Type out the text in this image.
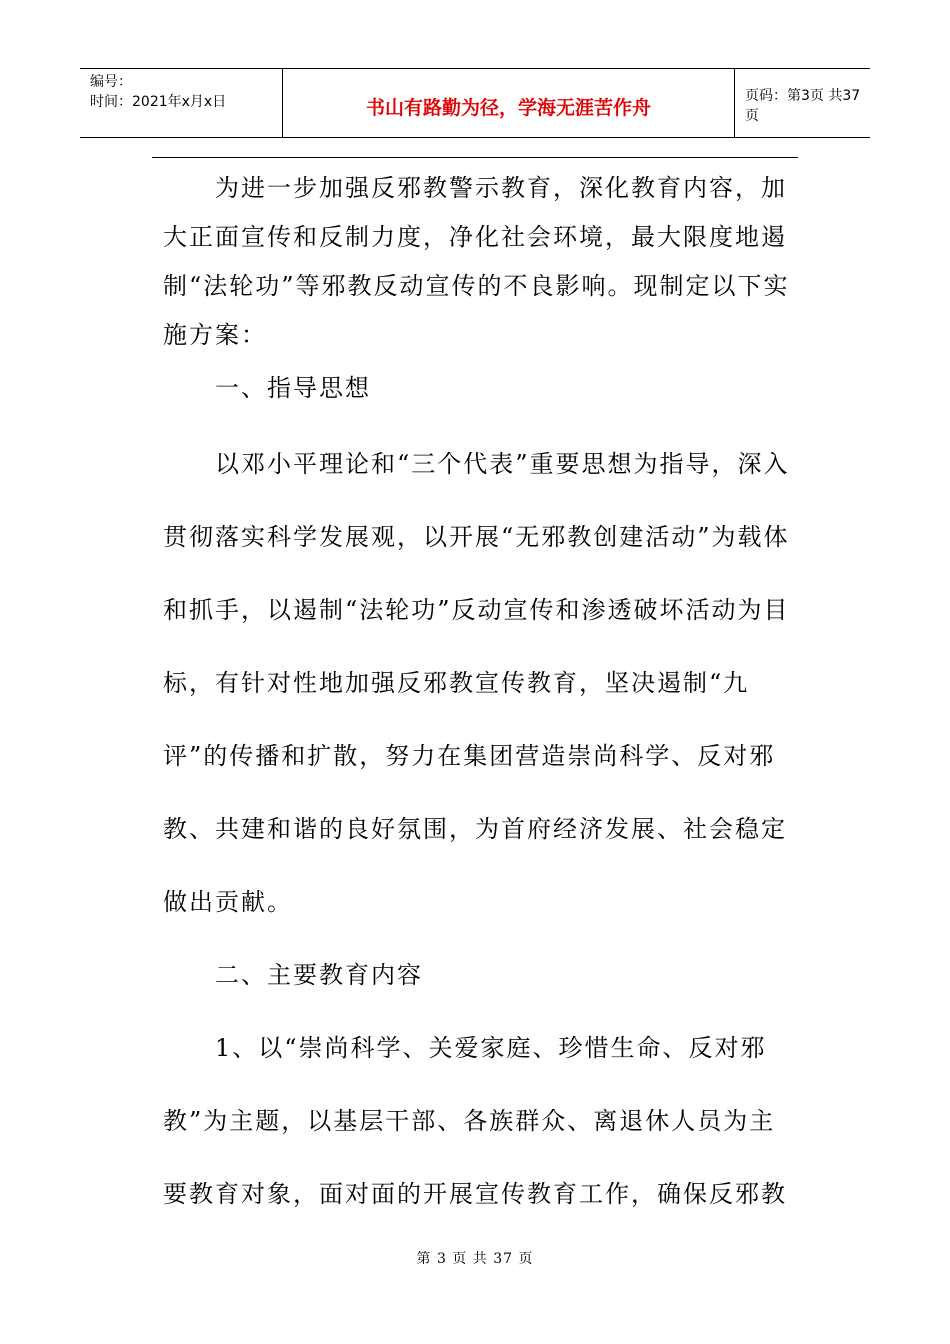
编号：
时间：2021年x月x日	书山有路勤为径，学海无涯苦作舟
页码：第3页 共37页

为进一步加强反邪教警示教育，深化教育内容，加大正面宣传和反制力度，净化社会环境，最大限度地遏制“法轮功”等邪教反动宣传的不良影响。现制定以下实施方案：

一、指导思想

以邓小平理论和“三个代表”重要思想为指导，深入贯彻落实科学发展观，以开展“无邪教创建活动”为载体和抓手，以遏制“法轮功”反动宣传和渗透破坏活动为目标，有针对性地加强反邪教宣传教育，坚决遏制“九评”的传播和扩散，努力在集团营造崇尚科学、反对邪教、共建和谐的良好氛围，为首府经济发展、社会稳定做出贡献。

二、主要教育内容

1、以“崇尚科学、关爱家庭、珍惜生命、反对邪教”为主题，以基层干部、各族群众、离退休人员为主要教育对象，面对面的开展宣传教育工作，确保反邪教

第 3 页 共 37 页
